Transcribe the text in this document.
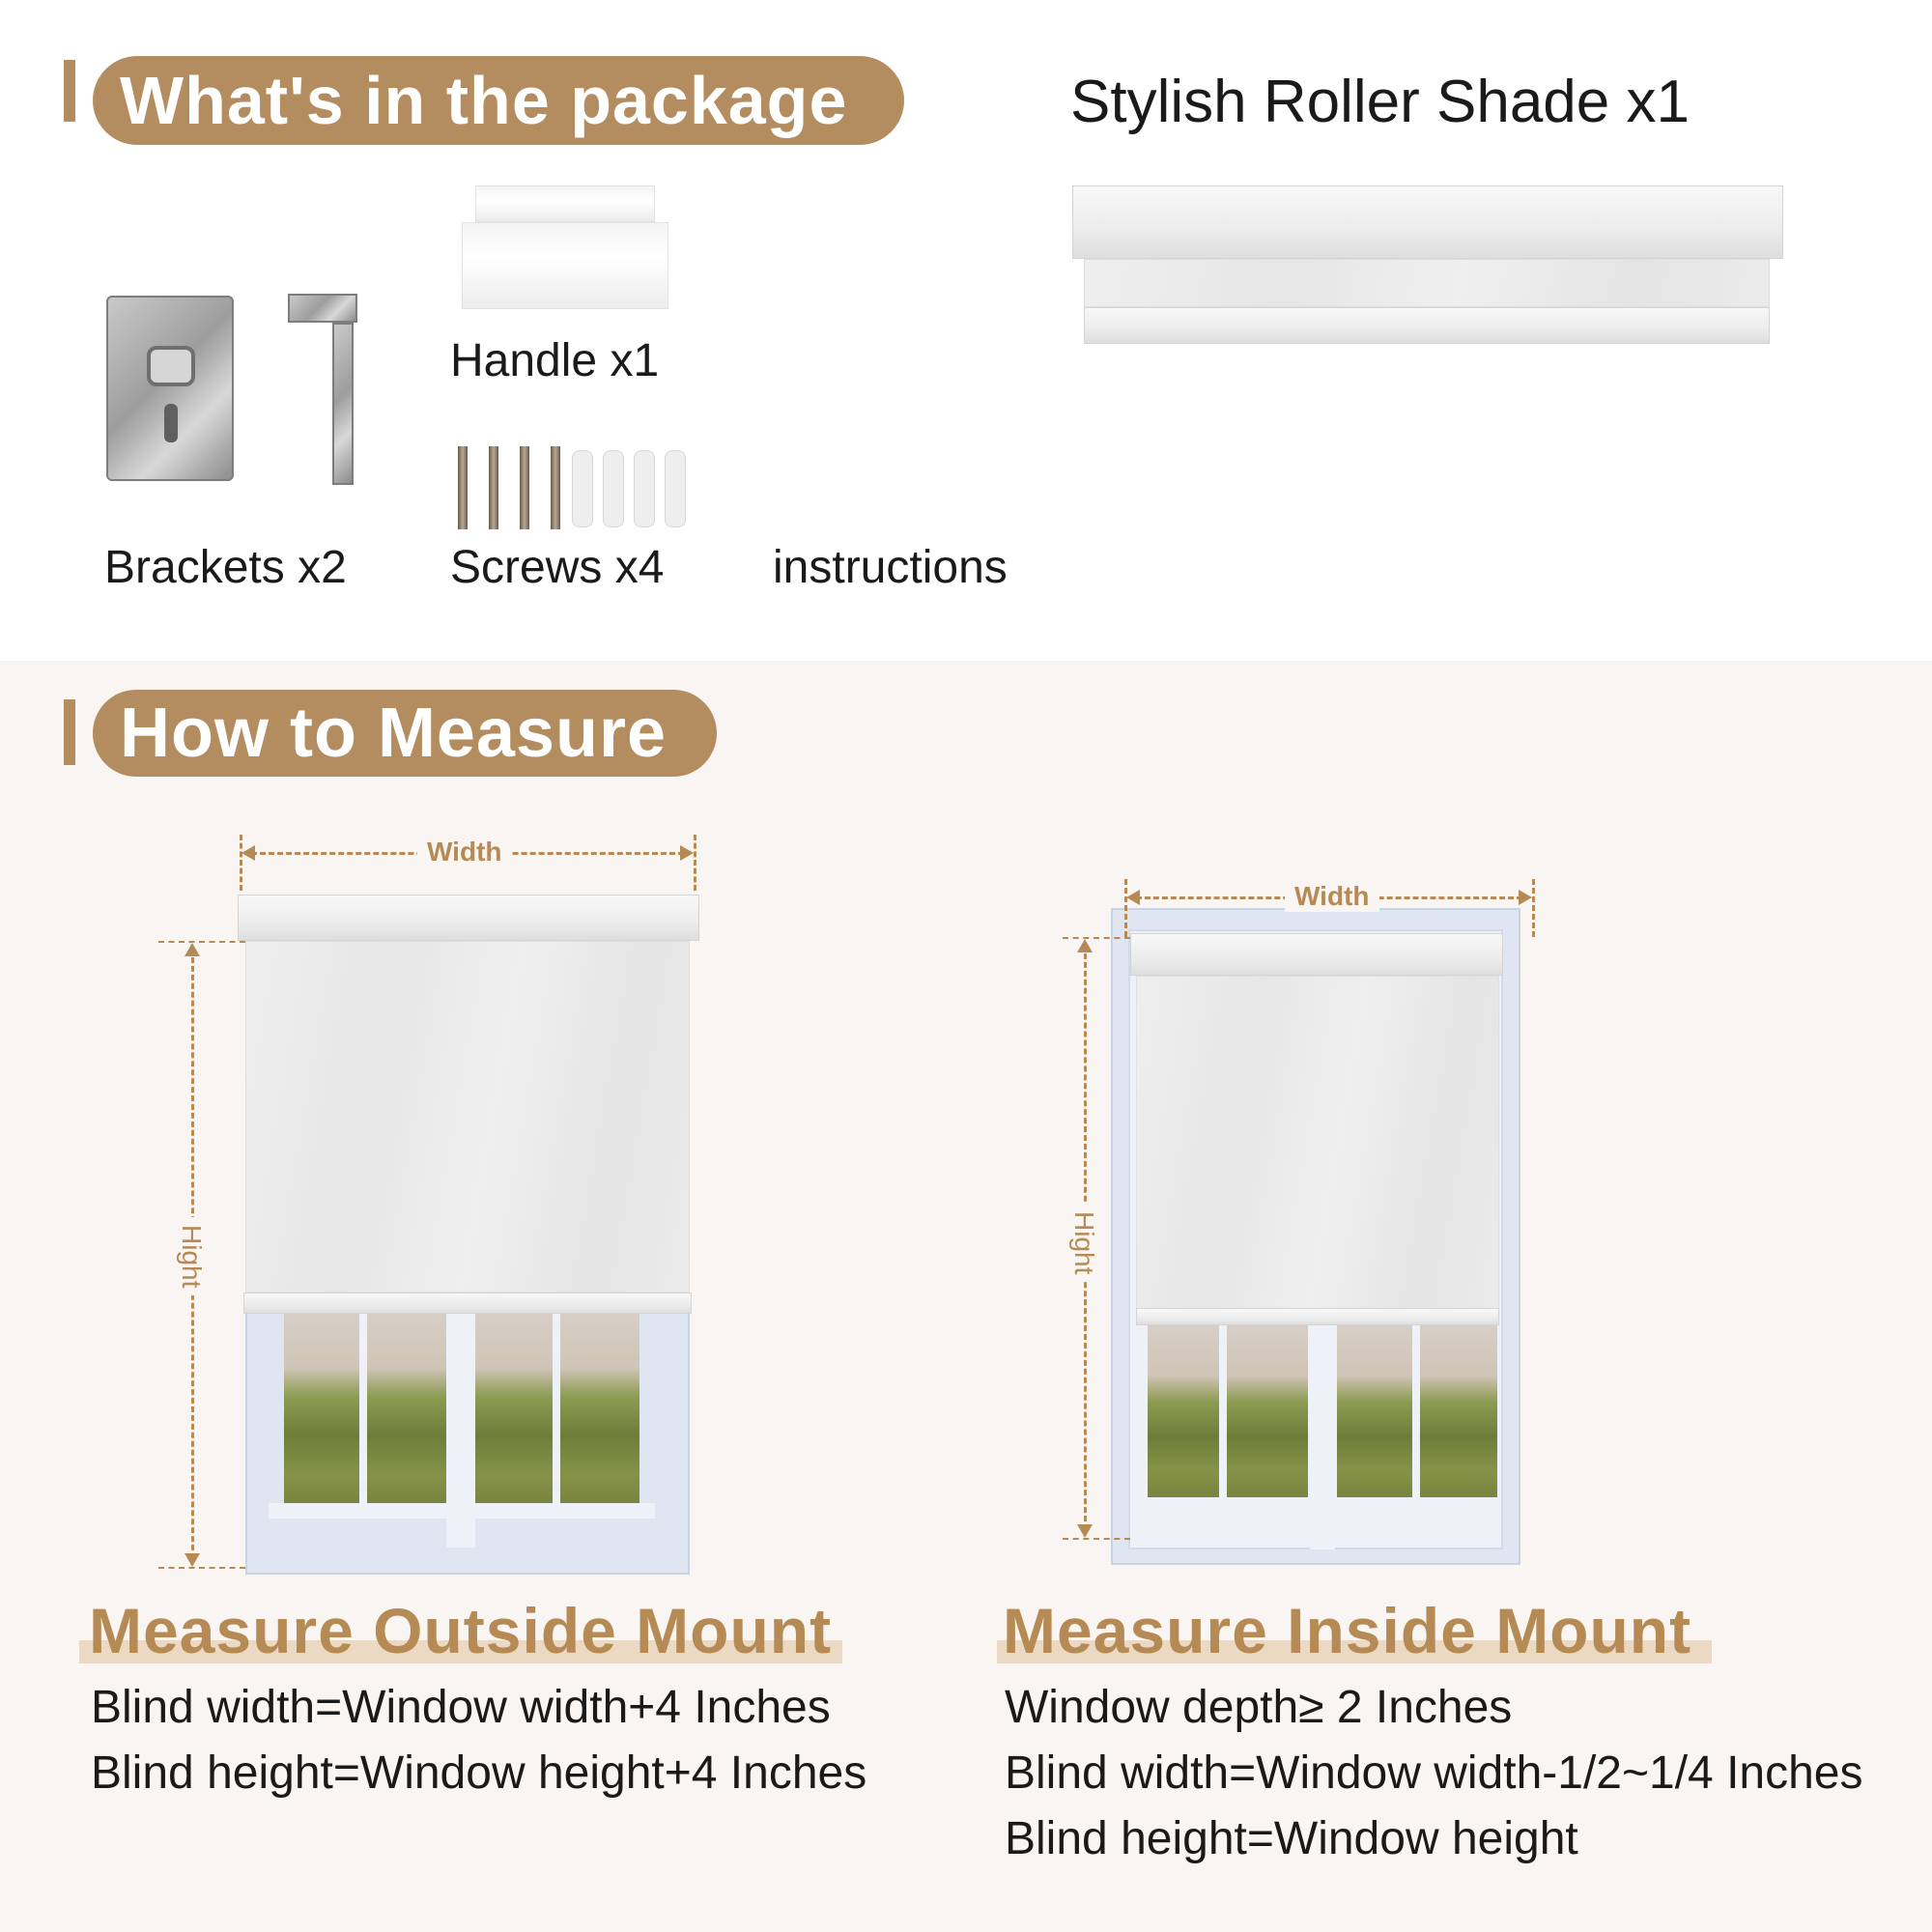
What's in the package	Stylish Roller Shade x1
Brackets x2
Handle x1
Screws x4 instructions
How to Measure
Width
Hight
Width
Hight
Measure Outside Mount
Blind width=Window width+4 Inches
Blind height=Window height+4 Inches
Measure Inside Mount
Window depth≥ 2 Inches
Blind width=Window width-1/2~1/4 Inches
Blind height=Window height
